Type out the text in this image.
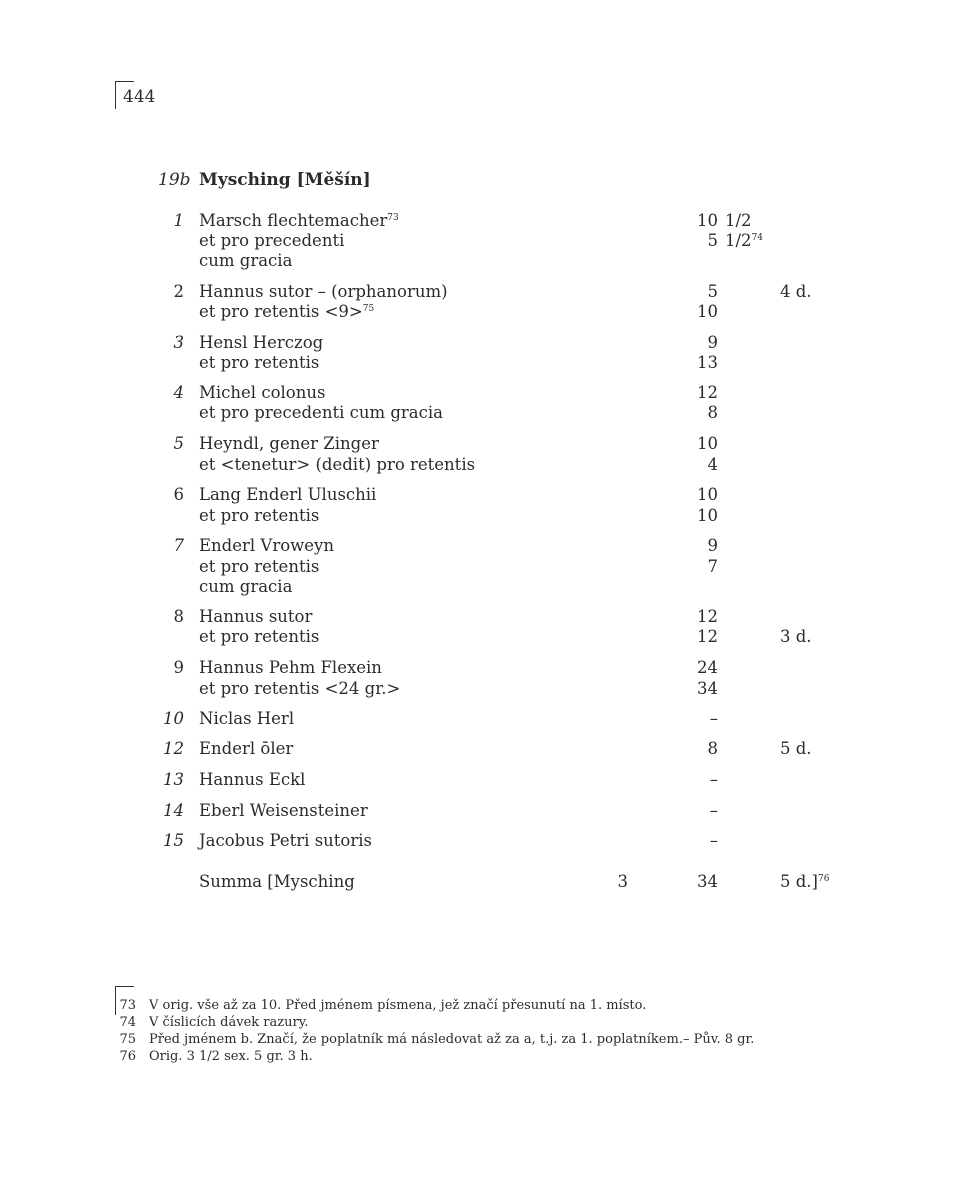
444
19b Mysching [Měšín]
1 Marsch flechtemacher$^{73}$	10 1/2
et pro precedenti	5 $1/2^{74}$
cum gracia
2 Hannus sutor – (orphanorum)	5	4 d.
et pro retentis <9>$^{75}$	10
3 Hensl Herczog	9
et pro retentis	13
4 Michel colonus	12
et pro precedenti cum gracia	8
5 Heyndl, gener Zinger	10
et <tenetur> (dedit) pro retentis	4
6 Lang Enderl Uluschii	10
et pro retentis	10
7 Enderl Vroweyn	9
et pro retentis	7
cum gracia
8 Hannus sutor	12
et pro retentis	12	3 d.
9 Hannus Pehm Flexein	24
et pro retentis <24 gr.>	34
10 Niclas Herl	–
12 Enderl ōler	8	5 d.
13 Hannus Eckl	–
14 Eberl Weisensteiner	–
15 Jacobus Petri sutoris	–
Summa [Mysching	3	34	5 d.]$^{76}$
73 V orig. vše až za 10. Před jménem písmena, jež značí přesunutí na 1. místo.
74 V číslicích dávek razury.
75 Před jménem b. Značí, že poplatník má následovat až za a, t.j. za 1. poplatníkem.– Pův. 8 gr.
76 Orig. 3 1/2 sex. 5 gr. 3 h.
